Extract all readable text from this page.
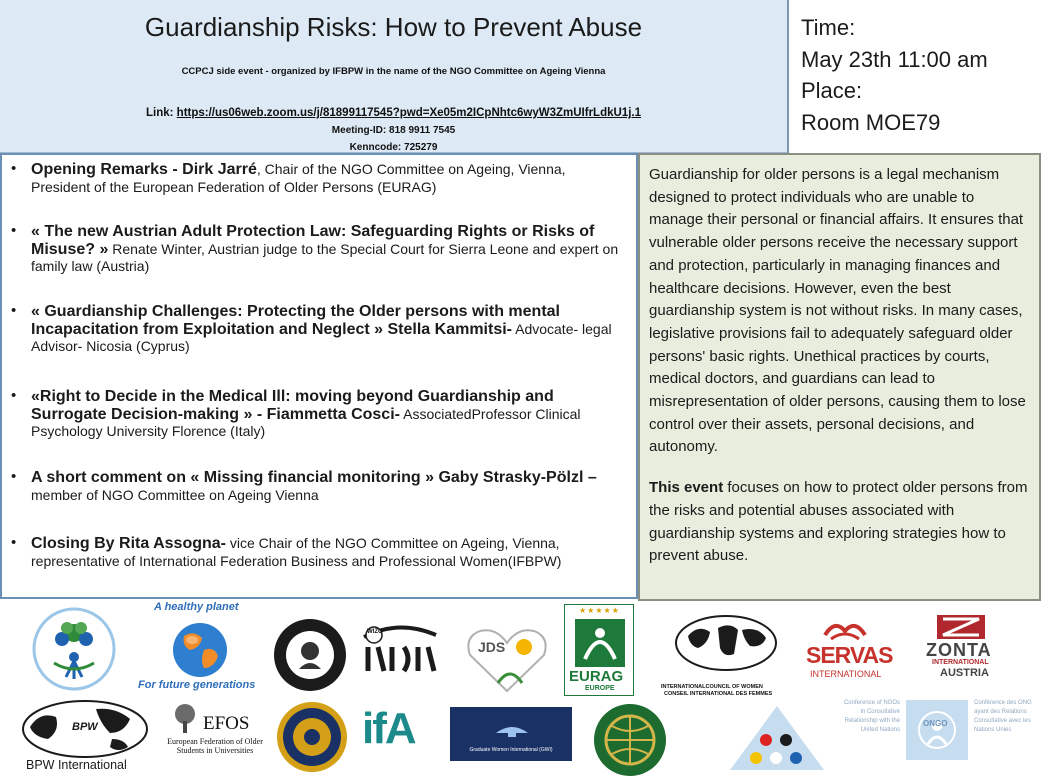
Guardianship Risks: How to Prevent Abuse
CCPCJ side event - organized by IFBPW in the name of the NGO Committee on Ageing Vienna
Link: https://us06web.zoom.us/j/81899117545?pwd=Xe05m2ICpNhtc6wyW3ZmUIfrLdkU1j.1
Meeting-ID: 818 9911 7545
Kenncode: 725279
Time:
May 23th 11:00 am
Place:
Room MOE79
• Opening Remarks - Dirk Jarré, Chair of the NGO Committee on Ageing, Vienna, President of the European Federation of Older Persons (EURAG)
• « The new Austrian Adult Protection Law: Safeguarding Rights or Risks of Misuse? » Renate Winter, Austrian judge to the Special Court for Sierra Leone and expert on family law (Austria)
• « Guardianship Challenges: Protecting the Older persons with mental Incapacitation from Exploitation and Neglect » Stella Kammitsi- Advocate- legal Advisor- Nicosia (Cyprus)
• «Right to Decide in the Medical Ill: moving beyond Guardianship and Surrogate Decision-making » - Fiammetta Cosci- AssociatedProfessor Clinical Psychology University Florence (Italy)
• A short comment on « Missing financial monitoring » Gaby Strasky-Pölzl – member of NGO Committee on Ageing Vienna
• Closing By Rita Assogna- vice Chair of the NGO Committee on Ageing, Vienna, representative of International Federation Business and Professional Women(IFBPW)

Guardianship for older persons is a legal mechanism designed to protect individuals who are unable to manage their personal or financial affairs. It ensures that vulnerable older persons receive the necessary support and protection, particularly in managing finances and healthcare decisions. However, even the best guardianship system is not without risks. In many cases, legislative provisions fail to adequately safeguard older persons' basic rights. Unethical practices by courts, medical doctors, and guardians can lead to misrepresentation of older persons, causing them to lose control over their assets, personal decisions, and autonomy.

This event focuses on how to protect older persons from the risks and potential abuses associated with guardianship systems and exploring strategies how to prevent abuse.

A healthy planet
For future generations
WIZO
JDS
★★★★★
EURAG
EUROPE	INTERNATIONALCOUNCIL OF WOMEN
CONSEIL INTERNATIONAL DES FEMMES
SERVAS
INTERNATIONAL
ZONTA
INTERNATIONAL
AUSTRIA
BPW
BPW International
EFOS
European Federation of Older Students in Universities ifA	Graduate Women International (GWI)
Conference of NGOs in Consultative Relationship with the United Nations
ONGO
Conférence des ONG ayant des Relations Consultative avec les Nations Unies
